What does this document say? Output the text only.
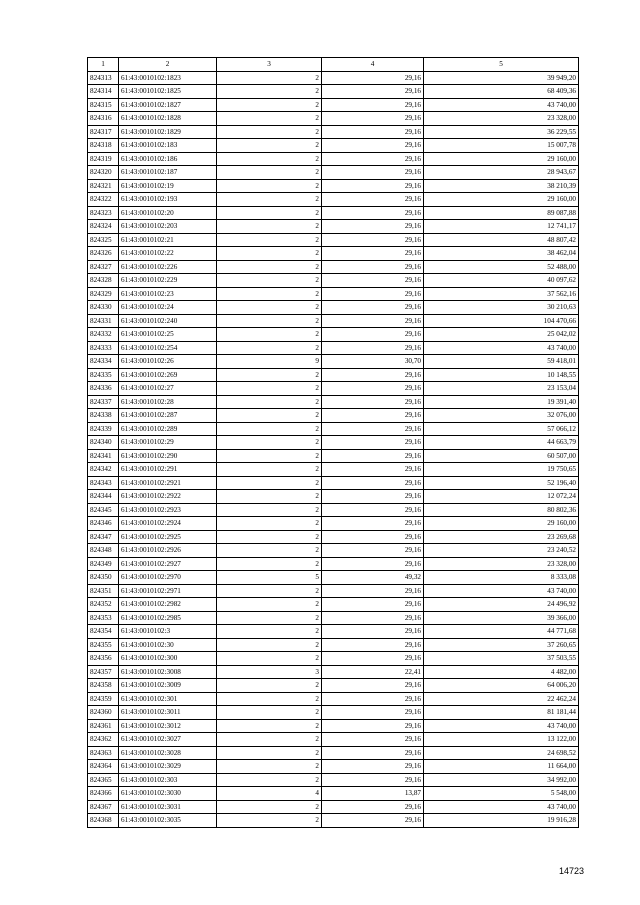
1	2	3	4	5
824313	61:43:0010102:1823	2	29,16	39 949,20
824314	61:43:0010102:1825	2	29,16	68 409,36
824315	61:43:0010102:1827	2	29,16	43 740,00
824316	61:43:0010102:1828	2	29,16	23 328,00
824317	61:43:0010102:1829	2	29,16	36 229,55
824318	61:43:0010102:183	2	29,16	15 007,78
824319	61:43:0010102:186	2	29,16	29 160,00
824320	61:43:0010102:187	2	29,16	28 943,67
824321	61:43:0010102:19	2	29,16	38 210,39
824322	61:43:0010102:193	2	29,16	29 160,00
824323	61:43:0010102:20	2	29,16	89 087,88
824324	61:43:0010102:203	2	29,16	12 741,17
824325	61:43:0010102:21	2	29,16	48 807,42
824326	61:43:0010102:22	2	29,16	38 462,04
824327	61:43:0010102:226	2	29,16	52 488,00
824328	61:43:0010102:229	2	29,16	40 097,62
824329	61:43:0010102:23	2	29,16	37 562,16
824330	61:43:0010102:24	2	29,16	30 210,63
824331	61:43:0010102:240	2	29,16	104 470,66
824332	61:43:0010102:25	2	29,16	25 042,02
824333	61:43:0010102:254	2	29,16	43 740,00
824334	61:43:0010102:26	9	30,70	59 418,01
824335	61:43:0010102:269	2	29,16	10 148,55
824336	61:43:0010102:27	2	29,16	23 153,04
824337	61:43:0010102:28	2	29,16	19 391,40
824338	61:43:0010102:287	2	29,16	32 076,00
824339	61:43:0010102:289	2	29,16	57 066,12
824340	61:43:0010102:29	2	29,16	44 663,79
824341	61:43:0010102:290	2	29,16	60 507,00
824342	61:43:0010102:291	2	29,16	19 750,65
824343	61:43:0010102:2921	2	29,16	52 196,40
824344	61:43:0010102:2922	2	29,16	12 072,24
824345	61:43:0010102:2923	2	29,16	80 802,36
824346	61:43:0010102:2924	2	29,16	29 160,00
824347	61:43:0010102:2925	2	29,16	23 269,68
824348	61:43:0010102:2926	2	29,16	23 240,52
824349	61:43:0010102:2927	2	29,16	23 328,00
824350	61:43:0010102:2970	5	49,32	8 333,08
824351	61:43:0010102:2971	2	29,16	43 740,00
824352	61:43:0010102:2982	2	29,16	24 496,92
824353	61:43:0010102:2985	2	29,16	39 366,00
824354	61:43:0010102:3	2	29,16	44 771,68
824355	61:43:0010102:30	2	29,16	37 260,65
824356	61:43:0010102:300	2	29,16	37 503,55
824357	61:43:0010102:3008	3	22,41	4 482,00
824358	61:43:0010102:3009	2	29,16	64 006,20
824359	61:43:0010102:301	2	29,16	22 462,24
824360	61:43:0010102:3011	2	29,16	81 181,44
824361	61:43:0010102:3012	2	29,16	43 740,00
824362	61:43:0010102:3027	2	29,16	13 122,00
824363	61:43:0010102:3028	2	29,16	24 698,52
824364	61:43:0010102:3029	2	29,16	11 664,00
824365	61:43:0010102:303	2	29,16	34 992,00
824366	61:43:0010102:3030	4	13,87	5 548,00
824367	61:43:0010102:3031	2	29,16	43 740,00
824368	61:43:0010102:3035	2	29,16	19 916,28
14723
